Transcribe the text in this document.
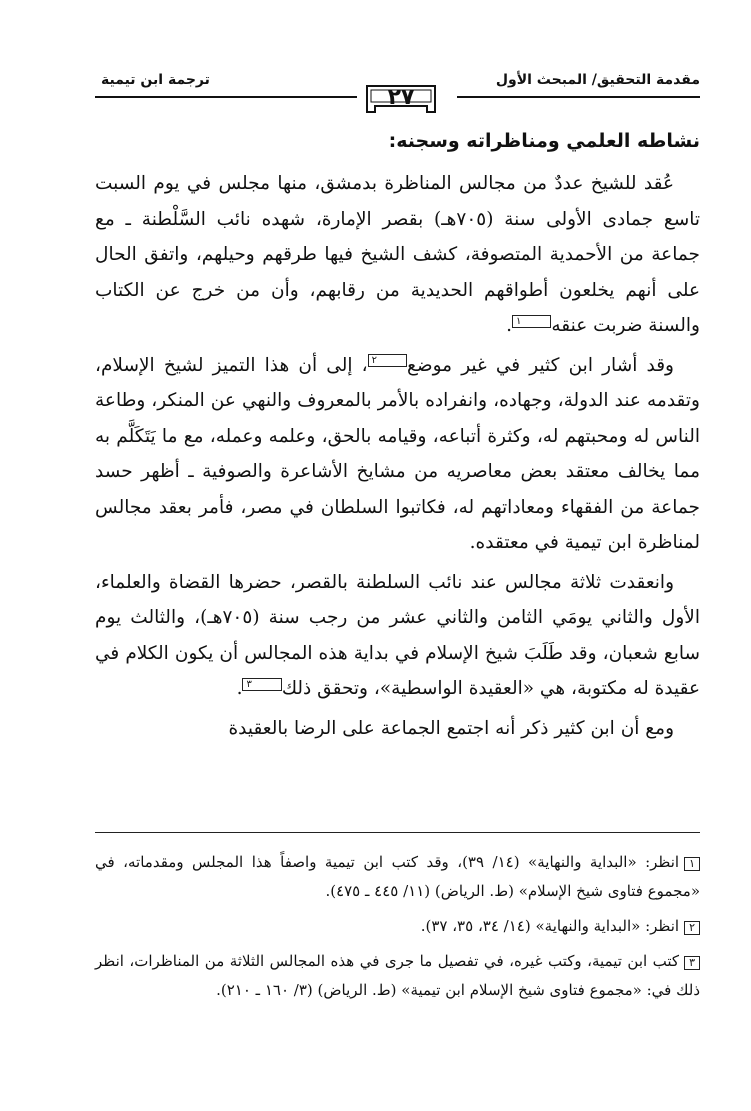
مقدمة التحقيق/ المبحث الأول
ترجمة ابن تيمية
٢٧
نشاطه العلمي ومناظراته وسجنه:

عُقد للشيخ عددٌ من مجالس المناظرة بدمشق، منها مجلس في يوم السبت تاسع جمادى الأولى سنة (٧٠٥هـ) بقصر الإمارة، شهده نائب السَّلْطنة ـ مع جماعة من الأحمدية المتصوفة، كشف الشيخ فيها طرقهم وحيلهم، واتفق الحال على أنهم يخلعون أطواقهم الحديدية من رقابهم، وأن من خرج عن الكتاب والسنة ضربت عنقه١.

وقد أشار ابن كثير في غير موضع٢، إلى أن هذا التميز لشيخ الإسلام، وتقدمه عند الدولة، وجهاده، وانفراده بالأمر بالمعروف والنهي عن المنكر، وطاعة الناس له ومحبتهم له، وكثرة أتباعه، وقيامه بالحق، وعلمه وعمله، مع ما يَتَكَلَّم به مما يخالف معتقد بعض معاصريه من مشايخ الأشاعرة والصوفية ـ أظهر حسد جماعة من الفقهاء ومعاداتهم له، فكاتبوا السلطان في مصر، فأمر بعقد مجالس لمناظرة ابن تيمية في معتقده.

وانعقدت ثلاثة مجالس عند نائب السلطنة بالقصر، حضرها القضاة والعلماء، الأول والثاني يومَي الثامن والثاني عشر من رجب سنة (٧٠٥هـ)، والثالث يوم سابع شعبان، وقد طَلَبَ شيخ الإسلام في بداية هذه المجالس أن يكون الكلام في عقيدة له مكتوبة، هي «العقيدة الواسطية»، وتحقق ذلك٣.

ومع أن ابن كثير ذكر أنه اجتمع الجماعة على الرضا بالعقيدة

١انظر: «البداية والنهاية» (١٤/ ٣٩)، وقد كتب ابن تيمية واصفاً هذا المجلس ومقدماته، في «مجموع فتاوى شيخ الإسلام» (ط. الرياض) (١١/ ٤٤٥ ـ ٤٧٥).

٢انظر: «البداية والنهاية» (١٤/ ٣٤، ٣٥، ٣٧).

٣كتب ابن تيمية، وكتب غيره، في تفصيل ما جرى في هذه المجالس الثلاثة من المناظرات، انظر ذلك في: «مجموع فتاوى شيخ الإسلام ابن تيمية» (ط. الرياض) (٣/ ١٦٠ ـ ٢١٠).
